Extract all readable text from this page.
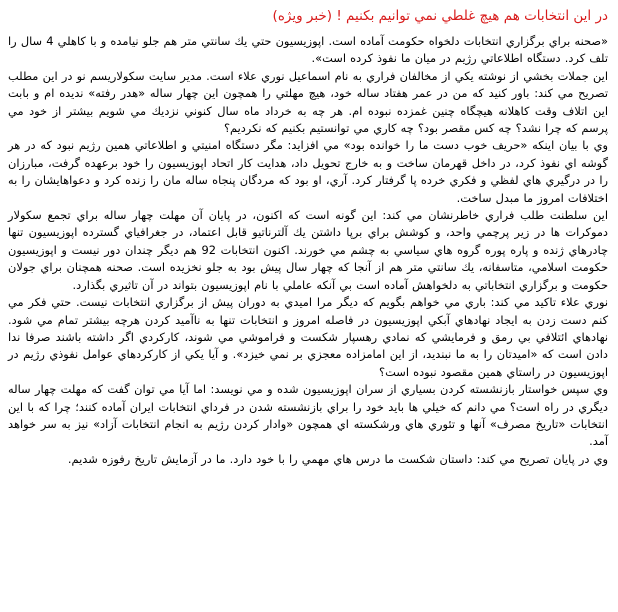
در اين انتخابات هم هيچ غلطي نمي توانيم بكنيم ! (خبر ويژه)

«صحنه براي برگزاري انتخابات دلخواه حكومت آماده است. اپوزيسيون حتي يك سانتي متر هم جلو نيامده و با كاهلي 4 سال را تلف كرد. دستگاه اطلاعاتي رژيم در ميان ما نفوذ كرده است».

اين جملات بخشي از نوشته يكي از مخالفان فراري به نام اسماعيل نوري علاء است. مدير سايت سكولاريسم نو در اين مطلب تصريح مي كند: باور كنيد كه من در عمر هفتاد ساله خود، هيچ مهلتي را همچون اين چهار ساله «هدر رفته» نديده ام و بابت اين اتلاف وقت كاهلانه هيچگاه چنين غمزده نبوده ام. هر چه به خرداد ماه سال كنوني نزديك مي شويم بيشتر از خود مي پرسم كه چرا نشد؟ چه كس مقصر بود؟ چه كاري مي توانستيم بكنيم كه نكرديم؟

وي با بيان اينكه «حريف خوب دست ما را خوانده بود» مي افزايد: مگر دستگاه امنيتي و اطلاعاتي همين رژيم نبود كه در هر گوشه اي نفوذ كرد، در داخل قهرمان ساخت و به خارج تحويل داد، هدايت كار اتحاد اپوزيسيون را خود برعهده گرفت، مبارزان را در درگيري هاي لفظي و فكري خرده پا گرفتار كرد. آري، او بود كه مردگان پنجاه ساله مان را زنده كرد و دعواهايشان را به اختلافات امروز ما مبدل ساخت.

اين سلطنت طلب فراري خاطرنشان مي كند: اين گونه است كه اكنون، در پايان آن مهلت چهار ساله براي تجمع سكولار دموكرات ها در زير پرچمي واحد، و كوشش براي برپا داشتن يك آلترناتيو قابل اعتماد، در جغرافياي گسترده اپوزيسيون تنها چادرهاي ژنده و پاره پوره گروه هاي سياسي به چشم مي خورند. اكنون انتخابات 92 هم ديگر چندان دور نيست و اپوزيسيون حكومت اسلامي، متاسفانه، يك سانتي متر هم از آنجا كه چهار سال پيش بود به جلو نخزيده است. صحنه همچنان براي جولان حكومت و برگزاري انتخاباتي به دلخواهش آماده است بي آنكه عاملي با نام اپوزيسيون بتواند در آن تاثيري بگذارد.

نوري علاء تاكيد مي كند: باري مي خواهم بگويم كه ديگر مرا اميدي به دوران پيش از برگزاري انتخابات نيست. حتي فكر مي كنم دست زدن به ايجاد نهادهاي آبكي اپوزيسيون در فاصله امروز و انتخابات تنها به ناآميد كردن هرچه بيشتر تمام مي شود. نهادهاي ائتلافي بي رمق و فرمايشي كه نمادي رهسپار شكست و فراموشي مي شوند، كاركردي اگر داشته باشند صرفا ندا دادن است كه «اميدتان را به ما نبنديد، از اين امامزاده معجزي بر نمي خيزد». و آيا يكي از كاركردهاي عوامل نفوذي رژيم در اپوزيسيون در راستاي همين مقصود نبوده است؟

وي سپس خواستار بازنشسته كردن بسياري از سران اپوزيسيون شده و مي نويسد: اما آيا مي توان گفت كه مهلت چهار ساله ديگري در راه است؟ مي دانم كه خيلي ها بايد خود را براي بازنشسته شدن در فرداي انتخابات ايران آماده كنند؛ چرا كه با اين انتخابات «تاريخ مصرف» آنها و تئوري هاي ورشكسته اي همچون «وادار كردن رژيم به انجام انتخابات آزاد» نيز به سر خواهد آمد.

وي در پايان تصريح مي كند: داستان شكست ما درس هاي مهمي را با خود دارد. ما در آزمايش تاريخ رفوزه شديم.
